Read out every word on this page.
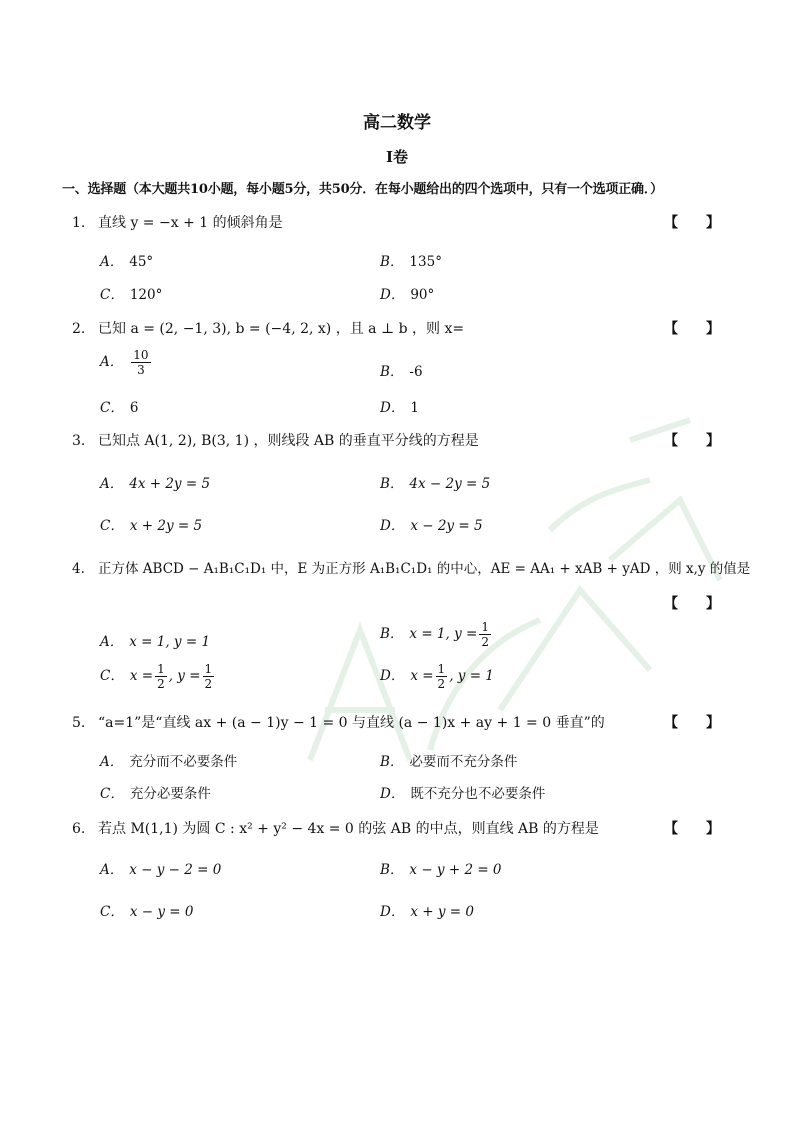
高二数学
I卷
一、选择题（本大题共10小题，每小题5分，共50分．在每小题给出的四个选项中，只有一个选项正确．）
1. 直线 y = −x + 1 的倾斜角是	【　　】
A． 45°	B． 135°
C． 120°	D． 90°
2. 已知 a = (2, −1, 3), b = (−4, 2, x) ，且 a ⊥ b ，则 x=	【　　】
A． $\frac{10}{3}$	B． -6
C． 6	D． 1
3. 已知点 A(1, 2), B(3, 1) ，则线段 AB 的垂直平分线的方程是	【　　】
A． 4x + 2y = 5	B． 4x − 2y = 5
C． x + 2y = 5	D． x − 2y = 5
4. 正方体 ABCD − A₁B₁C₁D₁ 中，E 为正方形 A₁B₁C₁D₁ 的中心，AE = AA₁ + xAB + yAD ，则 x,y 的值是
【　　】
A． x = 1, y = 1	B． x = 1, $y = \frac{1}{2}$
C． $x = \frac{1}{2}$ , $y = \frac{1}{2}$	D． $x = \frac{1}{2}$ , y = 1
5. “a=1”是“直线 ax + (a − 1)y − 1 = 0 与直线 (a − 1)x + ay + 1 = 0 垂直”的	【　　】
A． 充分而不必要条件	B． 必要而不充分条件
C． 充分必要条件	D． 既不充分也不必要条件
6. 若点 M(1,1) 为圆 C : x² + y² − 4x = 0 的弦 AB 的中点，则直线 AB 的方程是	【　　】
A． x − y − 2 = 0	B． x − y + 2 = 0
C． x − y = 0	D． x + y = 0
